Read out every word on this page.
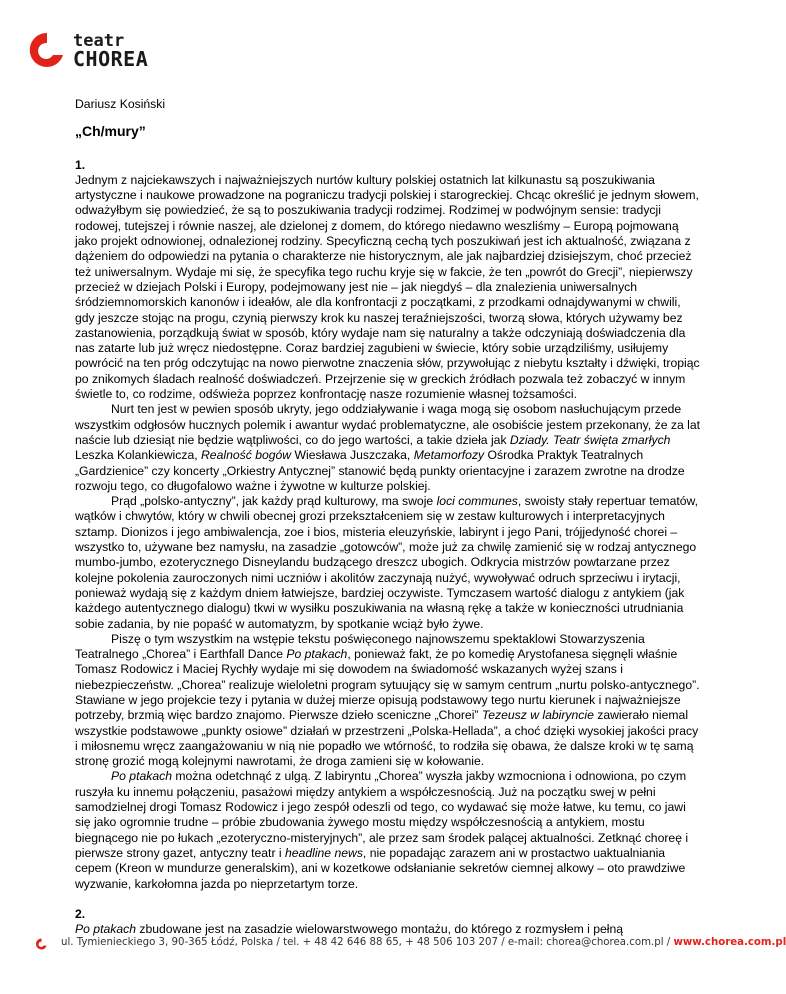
teatr
CHOREA

Dariusz Kosiński

„Ch/mury”

1.

Jednym z najciekawszych i najważniejszych nurtów kultury polskiej ostatnich lat kilkunastu są poszukiwania artystyczne i naukowe prowadzone na pograniczu tradycji polskiej i starogreckiej. Chcąc określić je jednym słowem, odważyłbym się powiedzieć, że są to poszukiwania tradycji rodzimej. Rodzimej w podwójnym sensie: tradycji rodowej, tutejszej i równie naszej, ale dzielonej z domem, do którego niedawno weszliśmy – Europą pojmowaną jako projekt odnowionej, odnalezionej rodziny. Specyficzną cechą tych poszukiwań jest ich aktualność, związana z dążeniem do odpowiedzi na pytania o charakterze nie historycznym, ale jak najbardziej dzisiejszym, choć przecież też uniwersalnym. Wydaje mi się, że specyfika tego ruchu kryje się w fakcie, że ten „powrót do Grecji”, niepierwszy przecież w dziejach Polski i Europy, podejmowany jest nie – jak niegdyś – dla znalezienia uniwersalnych śródziemnomorskich kanonów i ideałów, ale dla konfrontacji z początkami, z przodkami odnajdywanymi w chwili, gdy jeszcze stojąc na progu, czynią pierwszy krok ku naszej teraźniejszości, tworzą słowa, których używamy bez zastanowienia, porządkują świat w sposób, który wydaje nam się naturalny a także odczyniają doświadczenia dla nas zatarte lub już wręcz niedostępne. Coraz bardziej zagubieni w świecie, który sobie urządziliśmy, usiłujemy powrócić na ten próg odczytując na nowo pierwotne znaczenia słów, przywołując z niebytu kształty i dźwięki, tropiąc po znikomych śladach realność doświadczeń. Przejrzenie się w greckich źródłach pozwala też zobaczyć w innym świetle to, co rodzime, odświeża poprzez konfrontację nasze rozumienie własnej tożsamości.

Nurt ten jest w pewien sposób ukryty, jego oddziaływanie i waga mogą się osobom nasłuchującym przede wszystkim odgłosów hucznych polemik i awantur wydać problematyczne, ale osobiście jestem przekonany, że za lat naście lub dziesiąt nie będzie wątpliwości, co do jego wartości, a takie dzieła jak Dziady. Teatr święta zmarłych Leszka Kolankiewicza, Realność bogów Wiesława Juszczaka, Metamorfozy Ośrodka Praktyk Teatralnych „Gardzienice” czy koncerty „Orkiestry Antycznej” stanowić będą punkty orientacyjne i zarazem zwrotne na drodze rozwoju tego, co długofalowo ważne i żywotne w kulturze polskiej.

Prąd „polsko-antyczny”, jak każdy prąd kulturowy, ma swoje loci communes, swoisty stały repertuar tematów, wątków i chwytów, który w chwili obecnej grozi przekształceniem się w zestaw kulturowych i interpretacyjnych sztamp. Dionizos i jego ambiwalencja, zoe i bios, misteria eleuzyńskie, labirynt i jego Pani, trójjedyność chorei – wszystko to, używane bez namysłu, na zasadzie „gotowców”, może już za chwilę zamienić się w rodzaj antycznego mumbo-jumbo, ezoterycznego Disneylandu budzącego dreszcz ubogich. Odkrycia mistrzów powtarzane przez kolejne pokolenia zauroczonych nimi uczniów i akolitów zaczynają nużyć, wywoływać odruch sprzeciwu i irytacji, ponieważ wydają się z każdym dniem łatwiejsze, bardziej oczywiste. Tymczasem wartość dialogu z antykiem (jak każdego autentycznego dialogu) tkwi w wysiłku poszukiwania na własną rękę a także w konieczności utrudniania sobie zadania, by nie popaść w automatyzm, by spotkanie wciąż było żywe.

Piszę o tym wszystkim na wstępie tekstu poświęconego najnowszemu spektaklowi Stowarzyszenia Teatralnego „Chorea” i Earthfall Dance Po ptakach, ponieważ fakt, że po komedię Arystofanesa sięgnęli właśnie Tomasz Rodowicz i Maciej Rychły wydaje mi się dowodem na świadomość wskazanych wyżej szans i niebezpieczeństw. „Chorea” realizuje wieloletni program sytuujący się w samym centrum „nurtu polsko-antycznego”. Stawiane w jego projekcie tezy i pytania w dużej mierze opisują podstawowy tego nurtu kierunek i najważniejsze potrzeby, brzmią więc bardzo znajomo. Pierwsze dzieło sceniczne „Chorei” Tezeusz w labiryncie zawierało niemal wszystkie podstawowe „punkty osiowe” działań w przestrzeni „Polska-Hellada”, a choć dzięki wysokiej jakości pracy i miłosnemu wręcz zaangażowaniu w nią nie popadło we wtórność, to rodziła się obawa, że dalsze kroki w tę samą stronę grozić mogą kolejnymi nawrotami, że droga zamieni się w kołowanie.

Po ptakach można odetchnąć z ulgą. Z labiryntu „Chorea” wyszła jakby wzmocniona i odnowiona, po czym ruszyła ku innemu połączeniu, pasażowi między antykiem a współczesnością. Już na początku swej w pełni samodzielnej drogi Tomasz Rodowicz i jego zespół odeszli od tego, co wydawać się może łatwe, ku temu, co jawi się jako ogromnie trudne – próbie zbudowania żywego mostu między współczesnością a antykiem, mostu biegnącego nie po łukach „ezoteryczno-misteryjnych”, ale przez sam środek palącej aktualności. Zetknąć choreę i pierwsze strony gazet, antyczny teatr i headline news, nie popadając zarazem ani w prostactwo uaktualniania cepem (Kreon w mundurze generalskim), ani w kozetkowe odsłanianie sekretów ciemnej alkowy – oto prawdziwe wyzwanie, karkołomna jazda po nieprzetartym torze.

2.

Po ptakach zbudowane jest na zasadzie wielowarstwowego montażu, do którego z rozmysłem i pełną

ul. Tymienieckiego 3, 90-365 Łódź, Polska / tel. + 48 42 646 88 65, + 48 506 103 207 / e-mail: chorea@chorea.com.pl / www.chorea.com.pl
